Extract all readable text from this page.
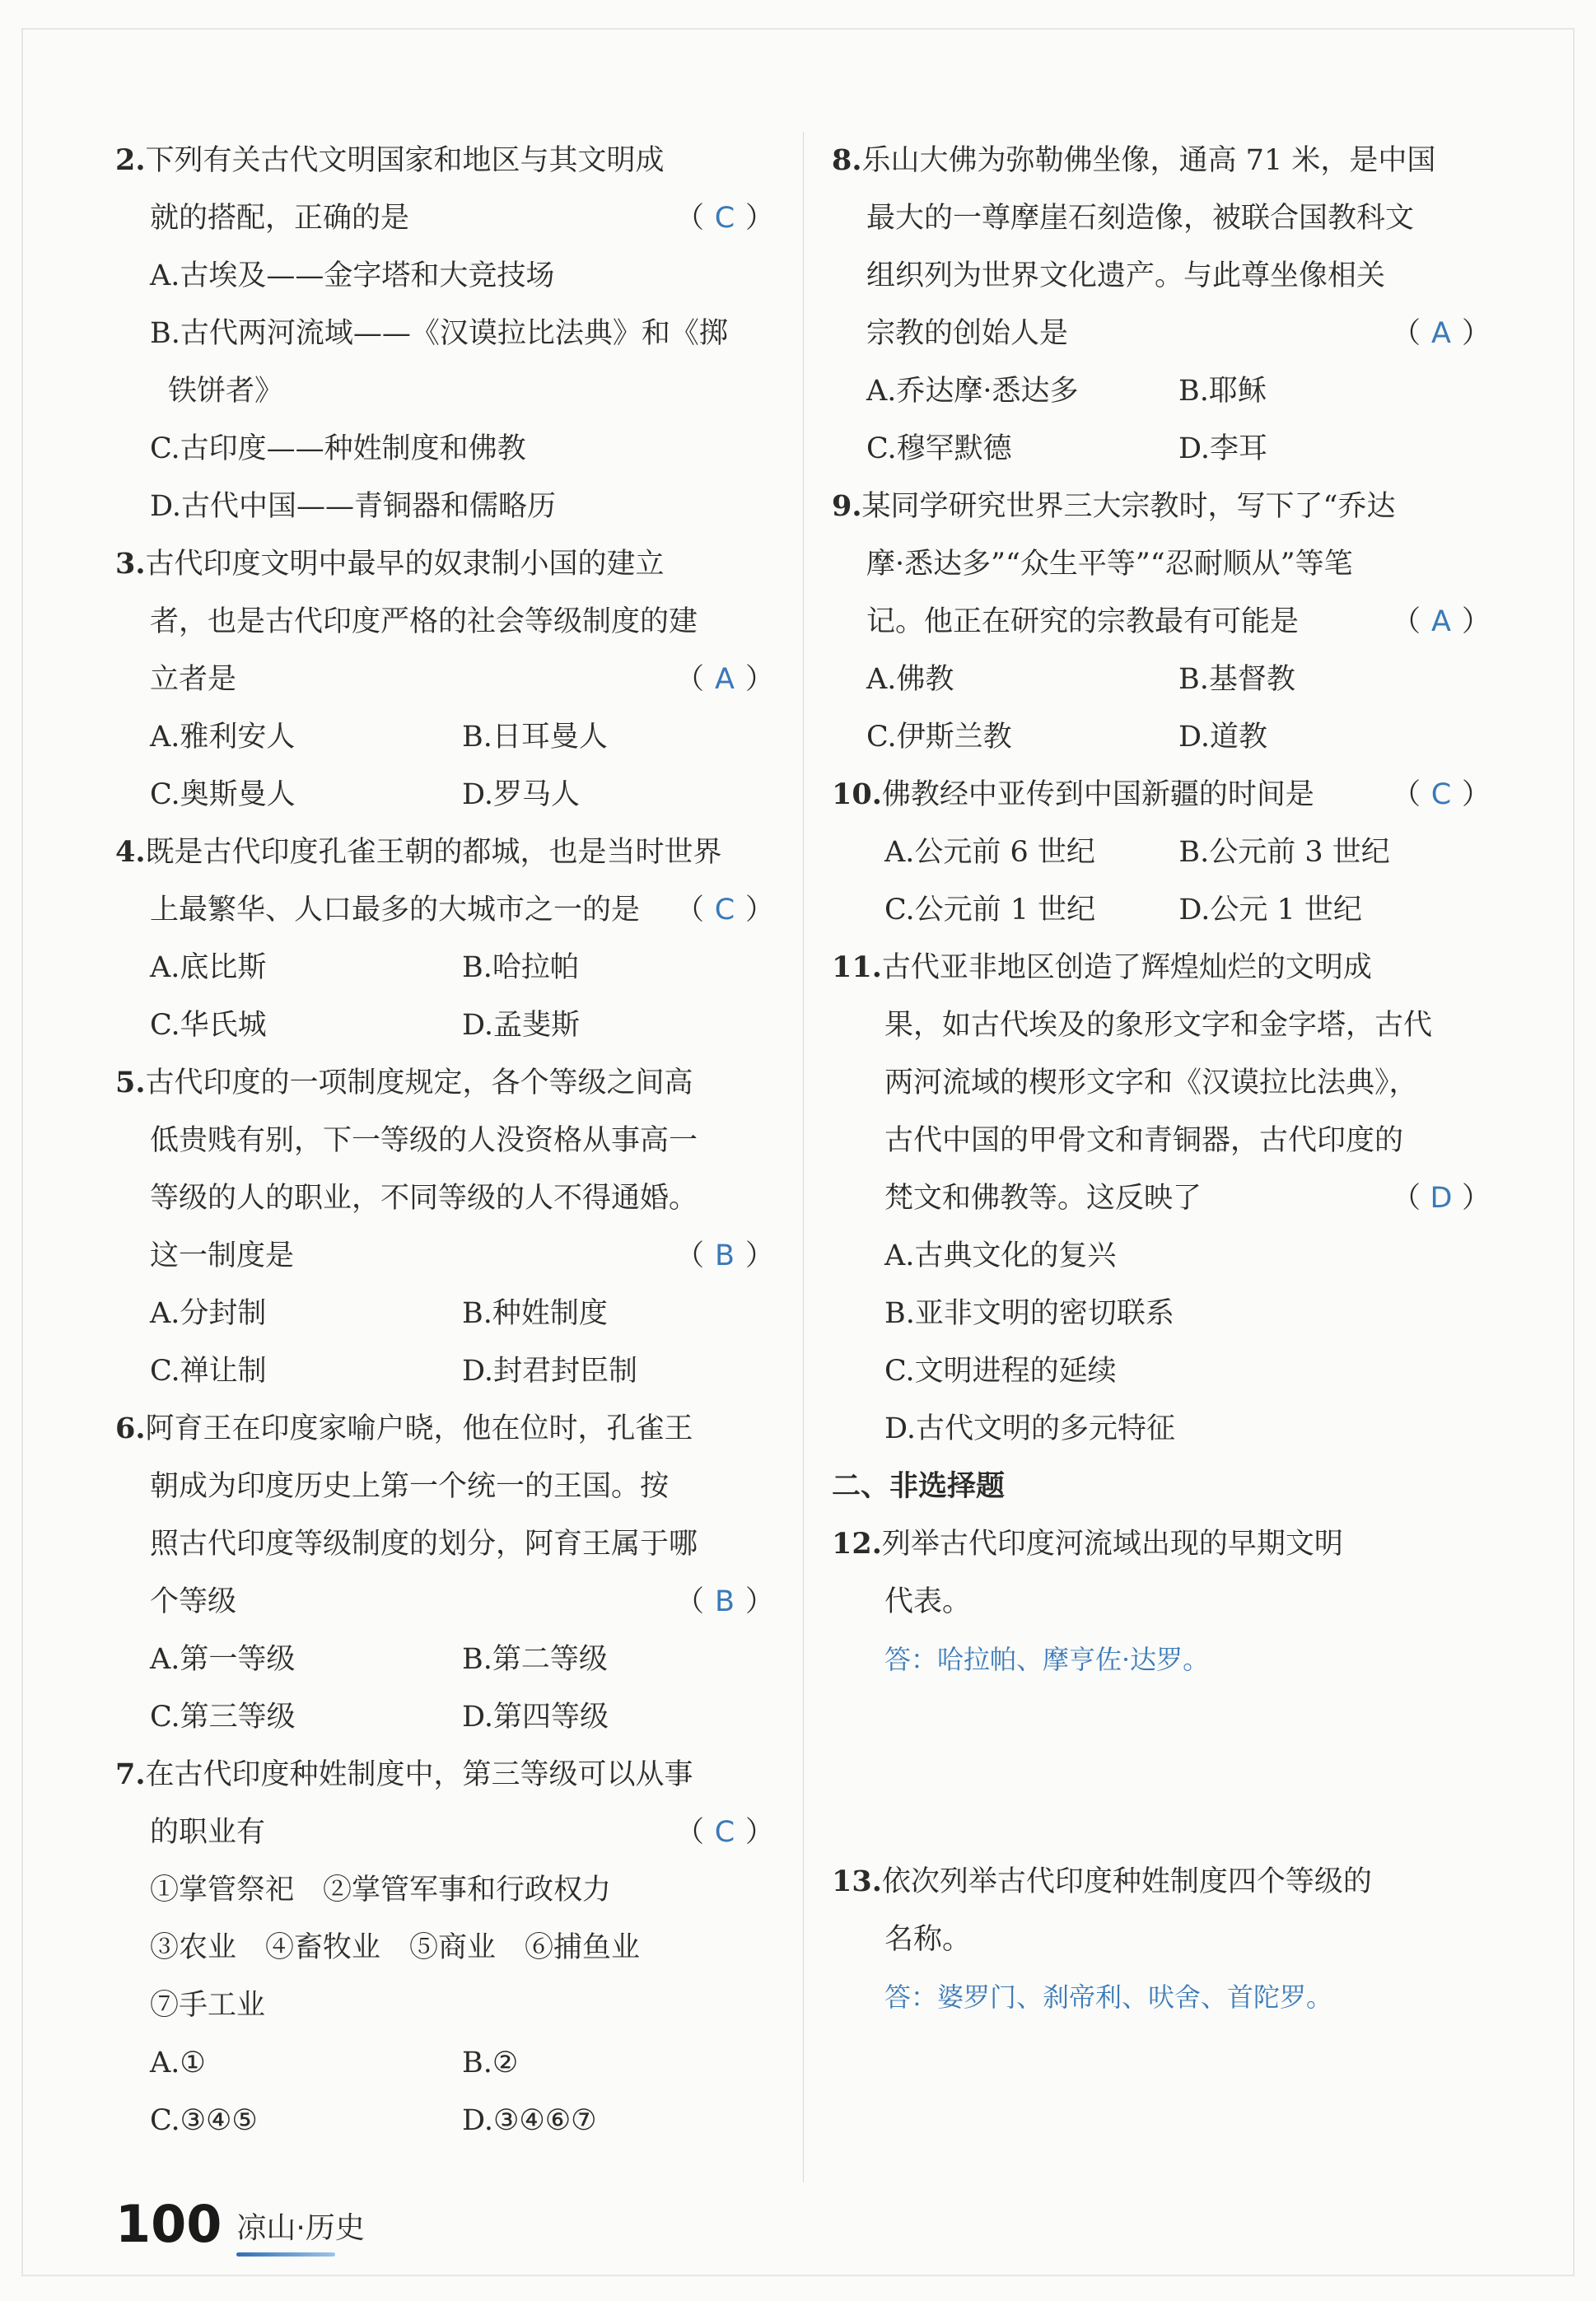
2.下列有关古代文明国家和地区与其文明成
就的搭配，正确的是	（ C ）
A.古埃及——金字塔和大竞技场
B.古代两河流域——《汉谟拉比法典》和《掷
铁饼者》
C.古印度——种姓制度和佛教
D.古代中国——青铜器和儒略历
3.古代印度文明中最早的奴隶制小国的建立
者，也是古代印度严格的社会等级制度的建
立者是	（ A ）
A.雅利安人	B.日耳曼人
C.奥斯曼人	D.罗马人
4.既是古代印度孔雀王朝的都城，也是当时世界
上最繁华、人口最多的大城市之一的是 （ C ）
A.底比斯	B.哈拉帕
C.华氏城	D.孟斐斯
5.古代印度的一项制度规定，各个等级之间高
低贵贱有别，下一等级的人没资格从事高一
等级的人的职业，不同等级的人不得通婚。
这一制度是	（ B ）
A.分封制	B.种姓制度
C.禅让制	D.封君封臣制
6.阿育王在印度家喻户晓，他在位时，孔雀王
朝成为印度历史上第一个统一的王国。按
照古代印度等级制度的划分，阿育王属于哪
个等级	（ B ）
A.第一等级	B.第二等级
C.第三等级	D.第四等级
7.在古代印度种姓制度中，第三等级可以从事
的职业有	（ C ）
①掌管祭祀　②掌管军事和行政权力
③农业　④畜牧业　⑤商业　⑥捕鱼业
⑦手工业
A.①	B.②
C.③④⑤	D.③④⑥⑦
8.乐山大佛为弥勒佛坐像，通高 71 米，是中国
最大的一尊摩崖石刻造像，被联合国教科文
组织列为世界文化遗产。与此尊坐像相关
宗教的创始人是	（ A ）
A.乔达摩·悉达多	B.耶稣
C.穆罕默德	D.李耳
9.某同学研究世界三大宗教时，写下了“乔达
摩·悉达多”“众生平等”“忍耐顺从”等笔
记。他正在研究的宗教最有可能是	（ A ）
A.佛教	B.基督教
C.伊斯兰教	D.道教
10.佛教经中亚传到中国新疆的时间是	（ C ）
A.公元前 6 世纪	B.公元前 3 世纪
C.公元前 1 世纪	D.公元 1 世纪
11.古代亚非地区创造了辉煌灿烂的文明成
果，如古代埃及的象形文字和金字塔，古代
两河流域的楔形文字和《汉谟拉比法典》，
古代中国的甲骨文和青铜器，古代印度的
梵文和佛教等。这反映了	（ D ）
A.古典文化的复兴
B.亚非文明的密切联系
C.文明进程的延续
D.古代文明的多元特征
二、非选择题
12.列举古代印度河流域出现的早期文明
代表。
答：哈拉帕、摩亨佐·达罗。
13.依次列举古代印度种姓制度四个等级的
名称。
答：婆罗门、刹帝利、吠舍、首陀罗。
100 凉山·历史
